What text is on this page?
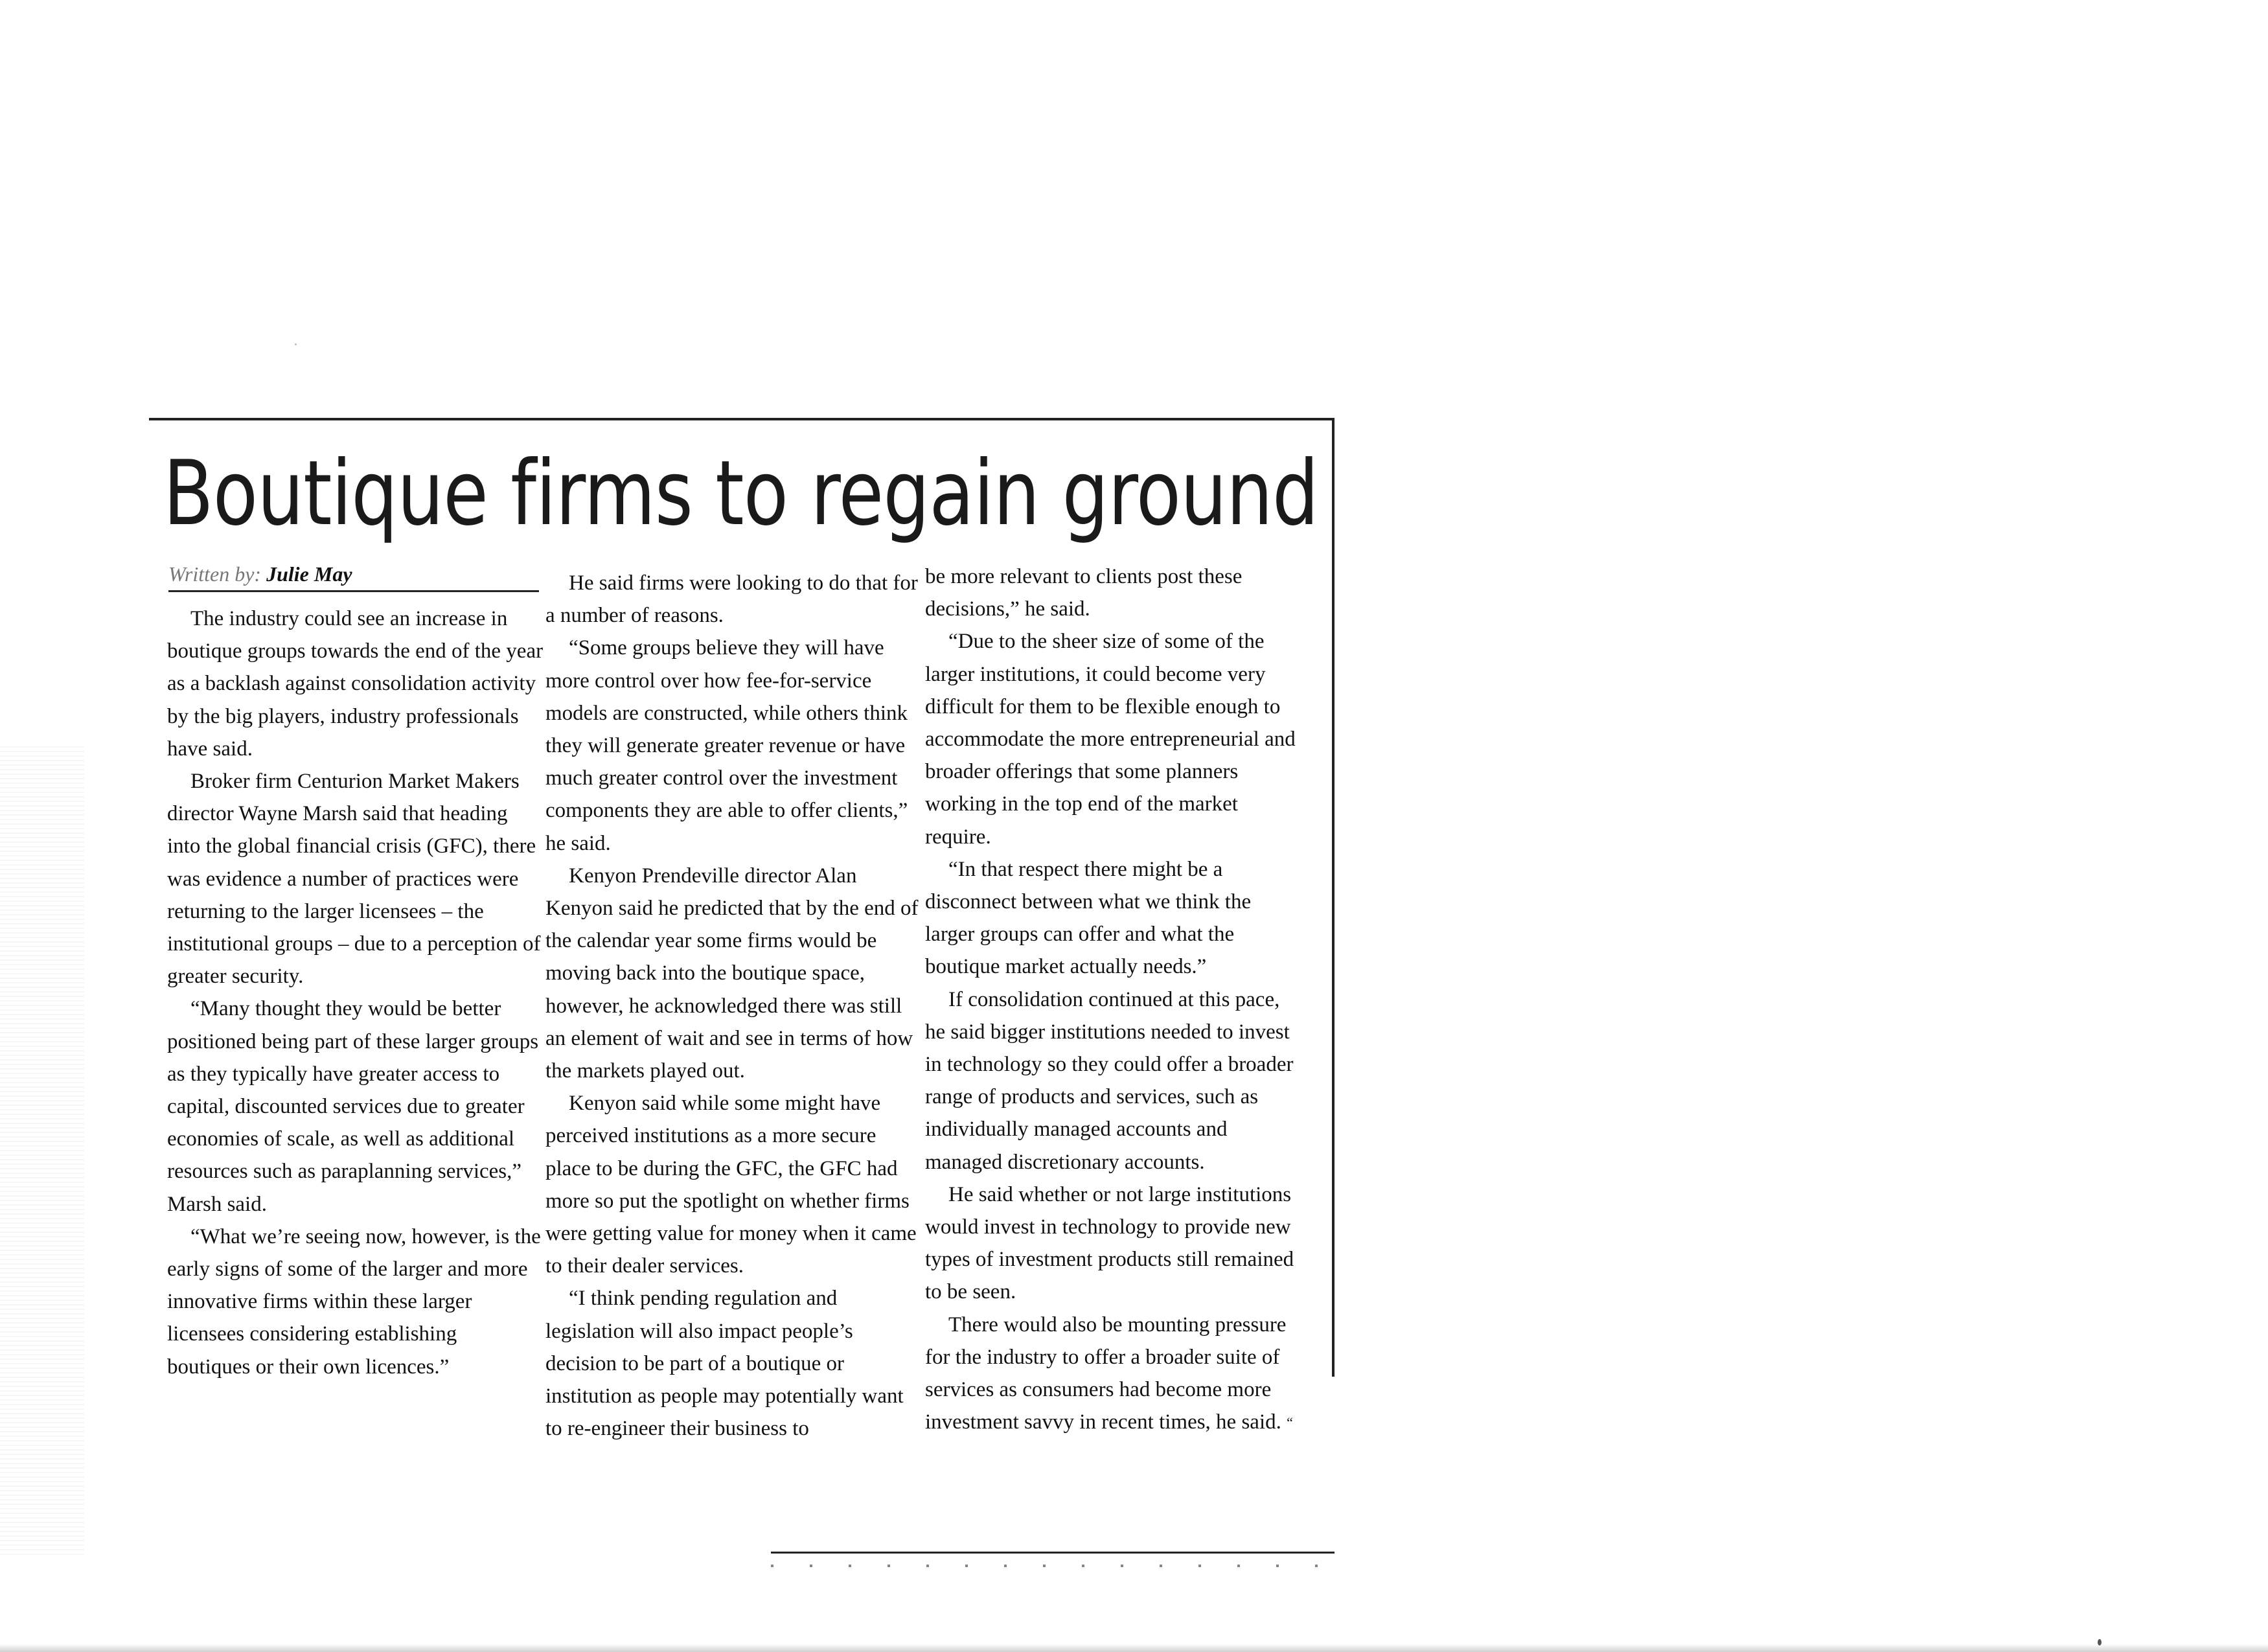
Boutique firms to regain ground
Written by: Julie May

The industry could see an increase in boutique groups towards the end of the year as a backlash against consolidation activity by the big players, industry professionals have said.

Broker firm Centurion Market Makers director Wayne Marsh said that heading into the global financial crisis (GFC), there was evidence a number of practices were returning to the larger licensees – the institutional groups – due to a perception of greater security.

“Many thought they would be better positioned being part of these larger groups as they typically have greater access to capital, discounted services due to greater economies of scale, as well as additional resources such as paraplanning services,” Marsh said.

“What we’re seeing now, however, is the early signs of some of the larger and more innovative firms within these larger licensees considering establishing boutiques or their own licences.”

He said firms were looking to do that for a number of reasons.

“Some groups believe they will have more control over how fee-for-service models are constructed, while others think they will generate greater revenue or have much greater control over the investment components they are able to offer clients,” he said.

Kenyon Prendeville director Alan Kenyon said he predicted that by the end of the calendar year some firms would be moving back into the boutique space, however, he acknowledged there was still an element of wait and see in terms of how the markets played out.

Kenyon said while some might have perceived institutions as a more secure place to be during the GFC, the GFC had more so put the spotlight on whether firms were getting value for money when it came to their dealer services.

“I think pending regulation and legislation will also impact people’s decision to be part of a boutique or institution as people may potentially want to re-engineer their business to

be more relevant to clients post these decisions,” he said.

“Due to the sheer size of some of the larger institutions, it could become very difficult for them to be flexible enough to accommodate the more entrepreneurial and broader offerings that some planners working in the top end of the market require.

“In that respect there might be a disconnect between what we think the larger groups can offer and what the boutique market actually needs.”

If consolidation continued at this pace, he said bigger institutions needed to invest in technology so they could offer a broader range of products and services, such as individually managed accounts and managed discretionary accounts.

He said whether or not large institutions would invest in technology to provide new types of investment products still remained to be seen.

There would also be mounting pressure for the industry to offer a broader suite of services as consumers had become more investment savvy in recent times, he said. “
